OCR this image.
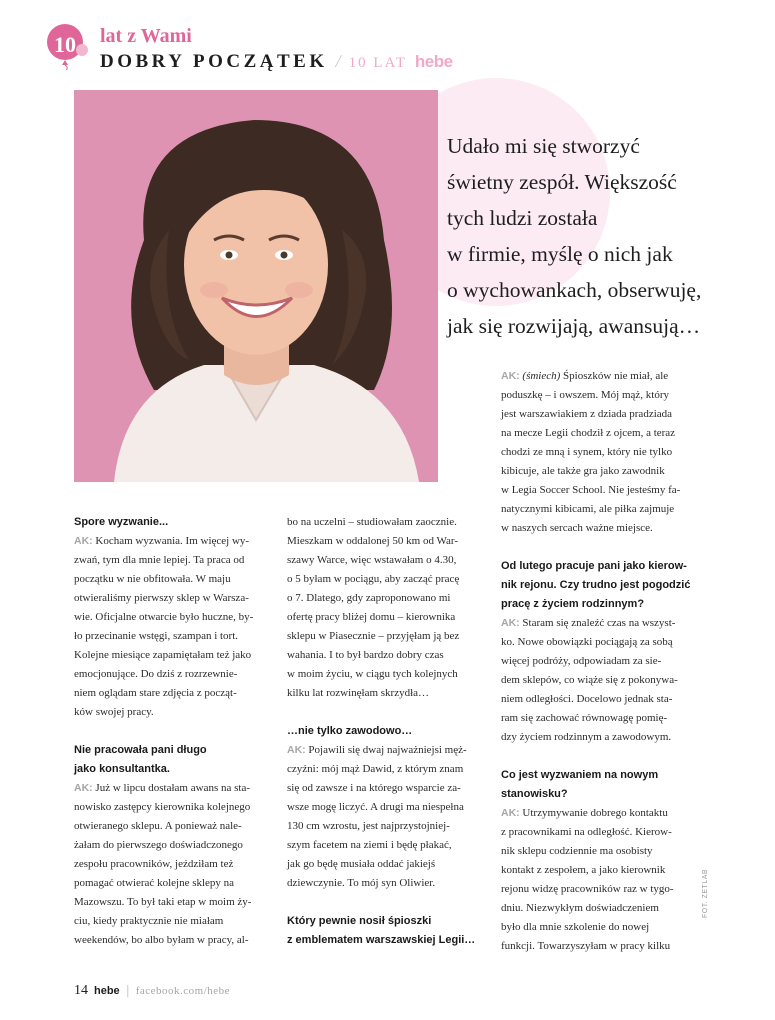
10	lat z Wami
DOBRY POCZĄTEK / 10 LAT hebe
Udało mi się stworzyć
świetny zespół. Większość
tych ludzi została
w firmie, myślę o nich jak
o wychowankach, obserwuję,
jak się rozwijają, awansują…
Spore wyzwanie...

AK: Kocham wyzwania. Im więcej wy-

zwań, tym dla mnie lepiej. Ta praca od

początku w nie obfitowała. W maju

otwieraliśmy pierwszy sklep w Warsza-

wie. Oficjalne otwarcie było huczne, by-

ło przecinanie wstęgi, szampan i tort.

Kolejne miesiące zapamiętałam też jako

emocjonujące. Do dziś z rozrzewnie-

niem oglądam stare zdjęcia z począt-

ków swojej pracy.

Nie pracowała pani długo
jako konsultantka.

AK: Już w lipcu dostałam awans na sta-

nowisko zastępcy kierownika kolejnego

otwieranego sklepu. A ponieważ nale-

żałam do pierwszego doświadczonego

zespołu pracowników, jeździłam też

pomagać otwierać kolejne sklepy na

Mazowszu. To był taki etap w moim ży-

ciu, kiedy praktycznie nie miałam

weekendów, bo albo byłam w pracy, al-

bo na uczelni – studiowałam zaocznie.

Mieszkam w oddalonej 50 km od War-

szawy Warce, więc wstawałam o 4.30,

o 5 byłam w pociągu, aby zacząć pracę

o 7. Dlatego, gdy zaproponowano mi

ofertę pracy bliżej domu – kierownika

sklepu w Piasecznie – przyjęłam ją bez

wahania. I to był bardzo dobry czas

w moim życiu, w ciągu tych kolejnych

kilku lat rozwinęłam skrzydła…

…nie tylko zawodowo…

AK: Pojawili się dwaj najważniejsi męż-

czyźni: mój mąż Dawid, z którym znam

się od zawsze i na którego wsparcie za-

wsze mogę liczyć. A drugi ma niespełna

130 cm wzrostu, jest najprzystojniej-

szym facetem na ziemi i będę płakać,

jak go będę musiała oddać jakiejś

dziewczynie. To mój syn Oliwier.

Który pewnie nosił śpioszki
z emblematem warszawskiej Legii…

AK: (śmiech) Śpioszków nie miał, ale

poduszkę – i owszem. Mój mąż, który

jest warszawiakiem z dziada pradziada

na mecze Legii chodził z ojcem, a teraz

chodzi ze mną i synem, który nie tylko

kibicuje, ale także gra jako zawodnik

w Legia Soccer School. Nie jesteśmy fa-

natycznymi kibicami, ale piłka zajmuje

w naszych sercach ważne miejsce.

Od lutego pracuje pani jako kierow-
nik rejonu. Czy trudno jest pogodzić
pracę z życiem rodzinnym?

AK: Staram się znaleźć czas na wszyst-

ko. Nowe obowiązki pociągają za sobą

więcej podróży, odpowiadam za sie-

dem sklepów, co wiąże się z pokonywa-

niem odległości. Docelowo jednak sta-

ram się zachować równowagę pomię-

dzy życiem rodzinnym a zawodowym.

Co jest wyzwaniem na nowym
stanowisku?

AK: Utrzymywanie dobrego kontaktu

z pracownikami na odległość. Kierow-

nik sklepu codziennie ma osobisty

kontakt z zespołem, a jako kierownik

rejonu widzę pracowników raz w tygo-

dniu. Niezwykłym doświadczeniem

było dla mnie szkolenie do nowej

funkcji. Towarzyszyłam w pracy kilku

FOT. ZETLAB
14 hebe | facebook.com/hebe
